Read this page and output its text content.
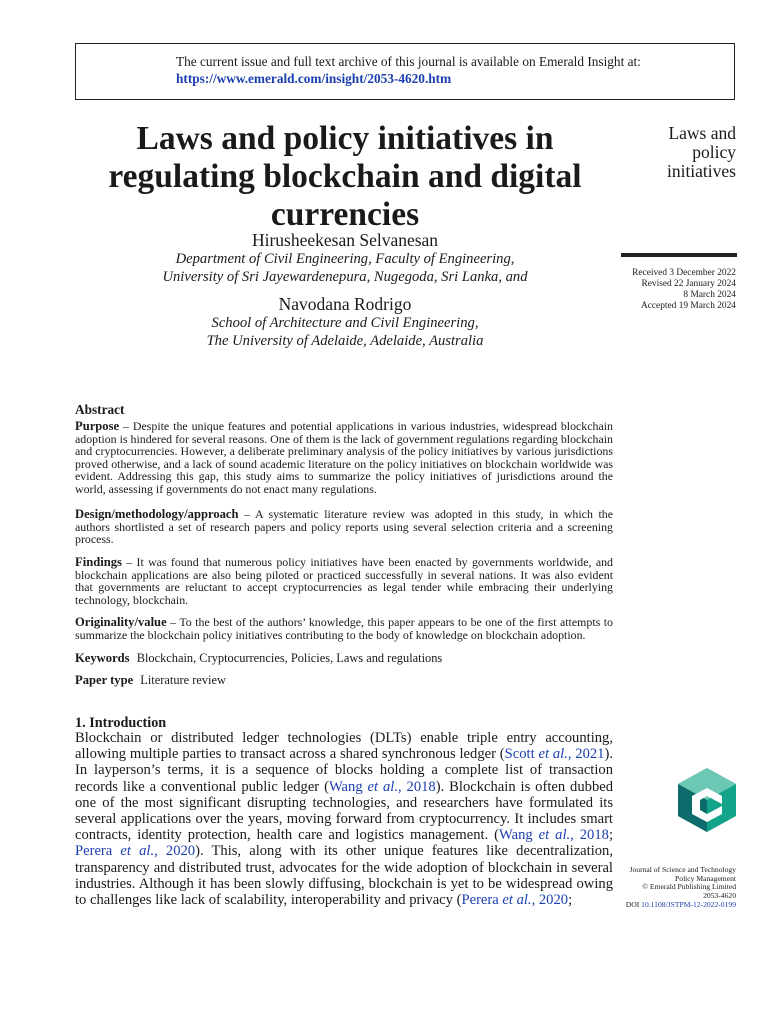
The current issue and full text archive of this journal is available on Emerald Insight at:
https://www.emerald.com/insight/2053-4620.htm
Laws and policy initiatives in regulating blockchain and digital currencies
Hirusheekesan Selvanesan
Department of Civil Engineering, Faculty of Engineering,
University of Sri Jayewardenepura, Nugegoda, Sri Lanka, and
Navodana Rodrigo
School of Architecture and Civil Engineering,
The University of Adelaide, Adelaide, Australia
Laws and
policy
initiatives
Received 3 December 2022
Revised 22 January 2024
8 March 2024
Accepted 19 March 2024
Abstract
Purpose – Despite the unique features and potential applications in various industries, widespread blockchain adoption is hindered for several reasons. One of them is the lack of government regulations regarding blockchain and cryptocurrencies. However, a deliberate preliminary analysis of the policy initiatives by various jurisdictions proved otherwise, and a lack of sound academic literature on the policy initiatives on blockchain worldwide was evident. Addressing this gap, this study aims to summarize the policy initiatives of jurisdictions around the world, assessing if governments do not enact many regulations.
Design/methodology/approach – A systematic literature review was adopted in this study, in which the authors shortlisted a set of research papers and policy reports using several selection criteria and a screening process.
Findings – It was found that numerous policy initiatives have been enacted by governments worldwide, and blockchain applications are also being piloted or practiced successfully in several nations. It was also evident that governments are reluctant to accept cryptocurrencies as legal tender while embracing their underlying technology, blockchain.
Originality/value – To the best of the authors’ knowledge, this paper appears to be one of the first attempts to summarize the blockchain policy initiatives contributing to the body of knowledge on blockchain adoption.
Keywords Blockchain, Cryptocurrencies, Policies, Laws and regulations
Paper type Literature review
1. Introduction
Blockchain or distributed ledger technologies (DLTs) enable triple entry accounting, allowing multiple parties to transact across a shared synchronous ledger (Scott et al., 2021). In layperson’s terms, it is a sequence of blocks holding a complete list of transaction records like a conventional public ledger (Wang et al., 2018). Blockchain is often dubbed one of the most significant disrupting technologies, and researchers have formulated its several applications over the years, moving forward from cryptocurrency. It includes smart contracts, identity protection, health care and logistics management. (Wang et al., 2018; Perera et al., 2020). This, along with its other unique features like decentralization, transparency and distributed trust, advocates for the wide adoption of blockchain in several industries. Although it has been slowly diffusing, blockchain is yet to be widespread owing to challenges like lack of scalability, interoperability and privacy (Perera et al., 2020;
Journal of Science and Technology
Policy Management
© Emerald Publishing Limited
2053-4620
DOI 10.1108/JSTPM-12-2022-0199
